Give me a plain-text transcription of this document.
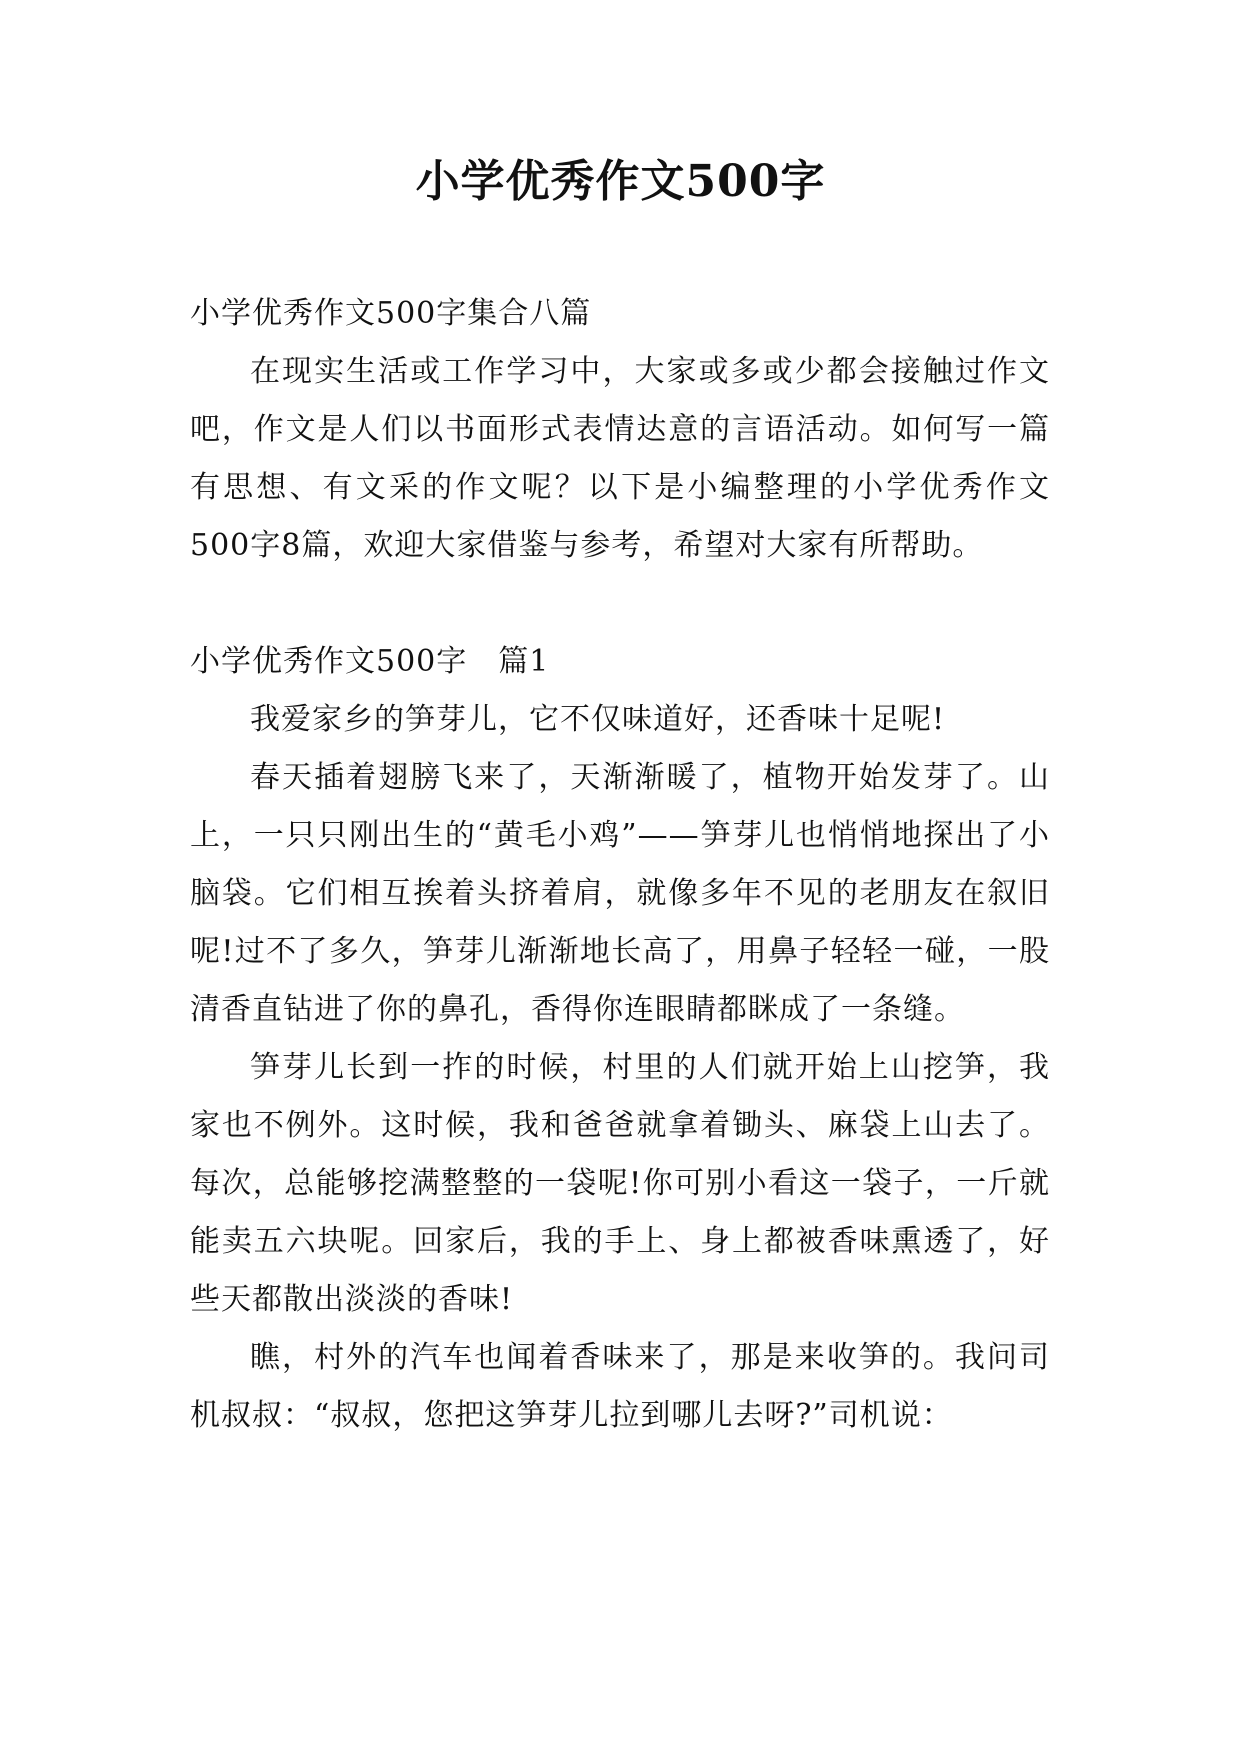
小学优秀作文500字

小学优秀作文500字集合八篇

在现实生活或工作学习中，大家或多或少都会接触过作文吧，作文是人们以书面形式表情达意的言语活动。如何写一篇有思想、有文采的作文呢？以下是小编整理的小学优秀作文500字8篇，欢迎大家借鉴与参考，希望对大家有所帮助。

小学优秀作文500字　篇1

我爱家乡的笋芽儿，它不仅味道好，还香味十足呢!

春天插着翅膀飞来了，天渐渐暖了，植物开始发芽了。山上，一只只刚出生的“黄毛小鸡”——笋芽儿也悄悄地探出了小脑袋。它们相互挨着头挤着肩，就像多年不见的老朋友在叙旧呢!过不了多久，笋芽儿渐渐地长高了，用鼻子轻轻一碰，一股清香直钻进了你的鼻孔，香得你连眼睛都眯成了一条缝。

笋芽儿长到一拃的时候，村里的人们就开始上山挖笋，我家也不例外。这时候，我和爸爸就拿着锄头、麻袋上山去了。每次，总能够挖满整整的一袋呢!你可别小看这一袋子，一斤就能卖五六块呢。回家后，我的手上、身上都被香味熏透了，好些天都散出淡淡的香味!

瞧，村外的汽车也闻着香味来了，那是来收笋的。我问司机叔叔：“叔叔，您把这笋芽儿拉到哪儿去呀?”司机说：
